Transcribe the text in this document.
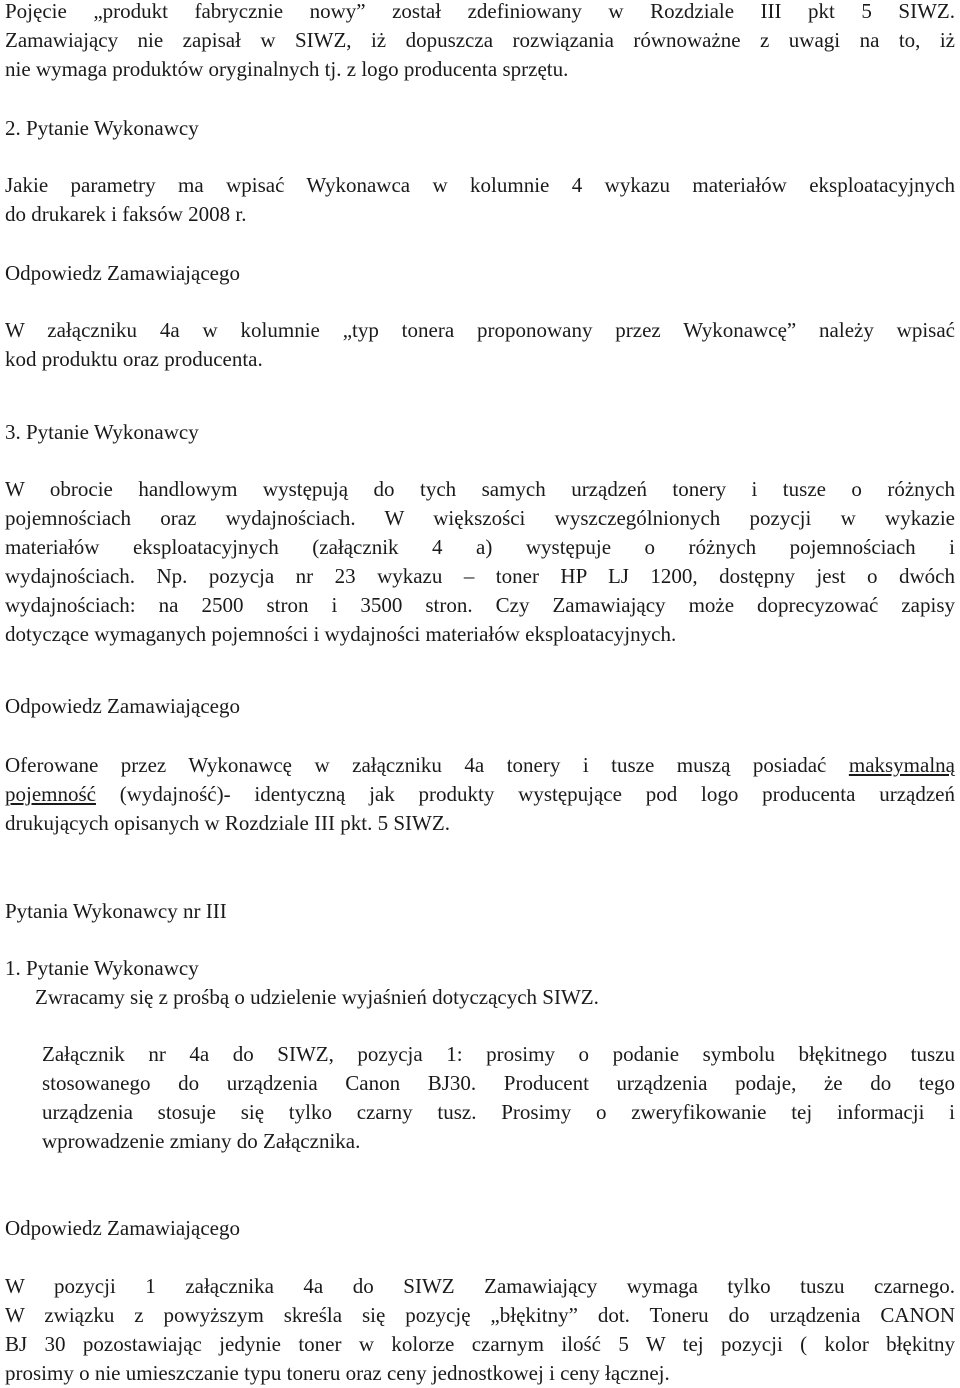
Pojęcie „produkt fabrycznie nowy” został zdefiniowany w Rozdziale III pkt 5 SIWZ.
Zamawiający nie zapisał w SIWZ, iż dopuszcza rozwiązania równoważne z uwagi na to, iż
nie wymaga produktów oryginalnych tj. z logo producenta sprzętu.
2. Pytanie Wykonawcy
Jakie parametry ma wpisać Wykonawca w kolumnie 4 wykazu materiałów eksploatacyjnych
do drukarek i faksów 2008 r.
Odpowiedz Zamawiającego
W załączniku 4a w kolumnie „typ tonera proponowany przez Wykonawcę” należy wpisać
kod produktu oraz producenta.
3. Pytanie Wykonawcy
W obrocie handlowym występują do tych samych urządzeń tonery i tusze o różnych
pojemnościach oraz wydajnościach. W większości wyszczególnionych pozycji w wykazie
materiałów eksploatacyjnych (załącznik 4 a) występuje o różnych pojemnościach i
wydajnościach. Np. pozycja nr 23 wykazu – toner HP LJ 1200, dostępny jest o dwóch
wydajnościach: na 2500 stron i 3500 stron. Czy Zamawiający może doprecyzować zapisy
dotyczące wymaganych pojemności i wydajności materiałów eksploatacyjnych.
Odpowiedz Zamawiającego
Oferowane przez Wykonawcę w załączniku 4a tonery i tusze muszą posiadać maksymalną
pojemność (wydajność)- identyczną jak produkty występujące pod logo producenta urządzeń
drukujących opisanych w Rozdziale III pkt. 5 SIWZ.
Pytania Wykonawcy nr III
1. Pytanie Wykonawcy
Zwracamy się z prośbą o udzielenie wyjaśnień dotyczących SIWZ.
Załącznik nr 4a do SIWZ, pozycja 1: prosimy o podanie symbolu błękitnego tuszu
stosowanego do urządzenia Canon BJ30. Producent urządzenia podaje, że do tego
urządzenia stosuje się tylko czarny tusz. Prosimy o zweryfikowanie tej informacji i
wprowadzenie zmiany do Załącznika.
Odpowiedz Zamawiającego
W pozycji 1 załącznika 4a do SIWZ Zamawiający wymaga tylko tuszu czarnego.
W związku z powyższym skreśla się pozycję „błękitny” dot. Toneru do urządzenia CANON
BJ 30 pozostawiając jedynie toner w kolorze czarnym ilość 5 W tej pozycji ( kolor błękitny
prosimy o nie umieszczanie typu toneru oraz ceny jednostkowej i ceny łącznej.
